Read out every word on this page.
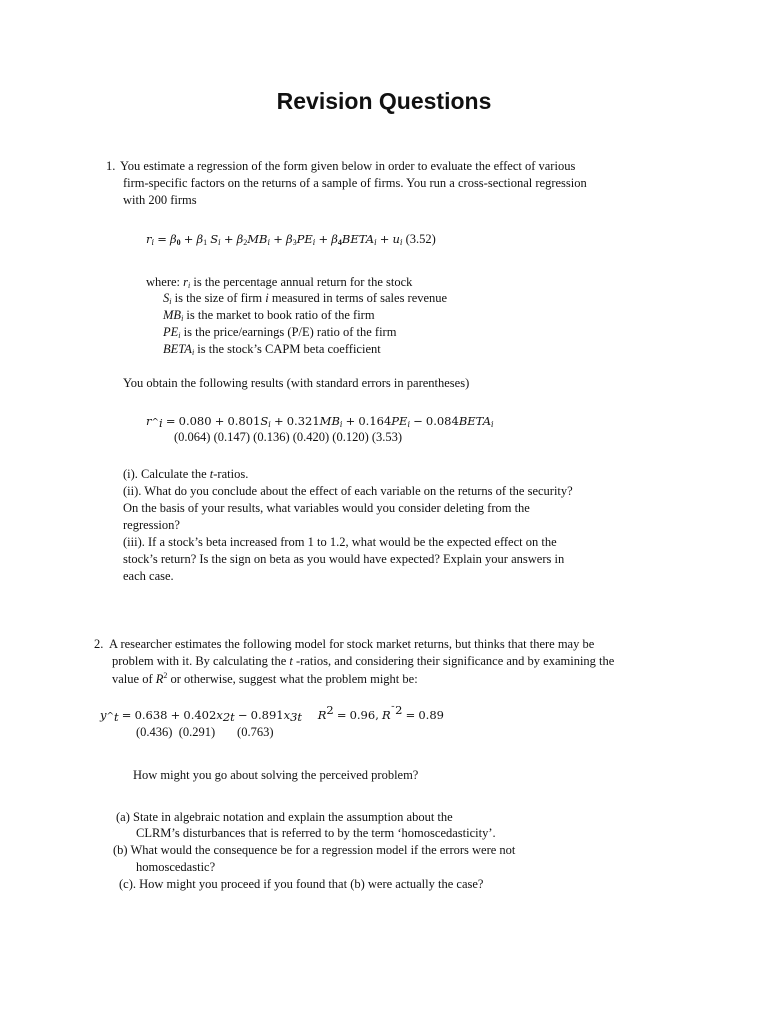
Revision Questions
1. You estimate a regression of the form given below in order to evaluate the effect of various
firm-specific factors on the returns of a sample of firms. You run a cross-sectional regression
with 200 firms
$r_i = \beta_0 + \beta_1$ $S_i + \beta_2MB_i + \beta_3PE_i$ + $\beta_4BETA_i + u_i$ (3.52)
where: $r_i$ is the percentage annual return for the stock
$S_i$ is the size of firm i measured in terms of sales revenue
$MB_i$ is the market to book ratio of the firm
$PE_i$ is the price/earnings (P/E) ratio of the firm
$BETA_i$ is the stock’s CAPM beta coefficient
You obtain the following results (with standard errors in parentheses)
$r\^{}_i = 0.080 + 0.801S_i + 0.321MB_i + 0.164PE_i$ − $0.084BETA_i$
(0.064) (0.147) (0.136) (0.420) (0.120) (3.53)
(i). Calculate the t-ratios.
(ii). What do you conclude about the effect of each variable on the returns of the security?
On the basis of your results, what variables would you consider deleting from the
regression?
(iii). If a stock’s beta increased from 1 to 1.2, what would be the expected effect on the
stock’s return? Is the sign on beta as you would have expected? Explain your answers in
each case.
2. A researcher estimates the following model for stock market returns, but thinks that there may be
problem with it. By calculating the t -ratios, and considering their significance and by examining the
value of $R^2$ or otherwise, suggest what the problem might be:
$y\^{}_t = 0.638 + 0.402x_{2t} - 0.891x_{3t}$ $R^2 = 0.96$, $R^{¯2} = 0.89$
(0.436)  (0.291)       (0.763)
How might you go about solving the perceived problem?
(a) State in algebraic notation and explain the assumption about the
CLRM’s disturbances that is referred to by the term ‘homoscedasticity’.
(b) What would the consequence be for a regression model if the errors were not
homoscedastic?
(c). How might you proceed if you found that (b) were actually the case?
